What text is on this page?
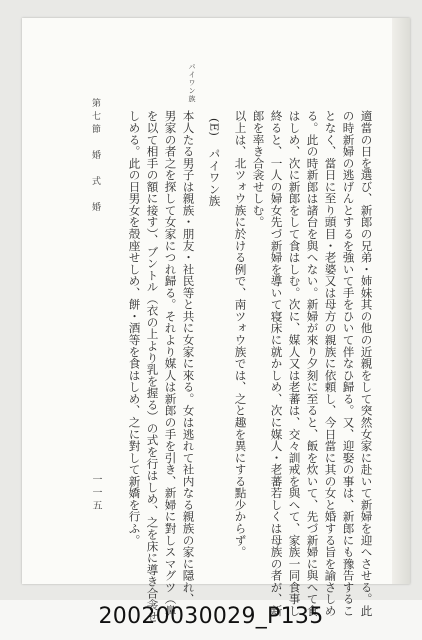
適當の日を選び、新郎の兄弟・姉妹其の他の近親をして突然女家に赴いて新婦を迎へさせる。此
の時新婦の逃げんとするを強いて手をひいて伴なひ歸る。又、迎娶の事は、新郎にも豫告するこ
となく、當日に至り頭目・老婆又は母方の親族に依頼し、今日當に其の女と婚する旨を諭さしめ
る。此の時新郎は諸台を與へない。新婦が來り夕刻に至ると、飯を炊いて、先づ新婦に與へて食
はしめ、次に新郎をして食はしむ。次に、媒人又は老蕃は、交々訓戒を與へて、家族一同食事し
終ると、一人の婦女先づ新婦を導いて寝床に就かしめ、次に媒人・老蕃若しくは母族の者が、新
郎を率き合衾せしむ。
以上は、北ツォウ族に於ける例で、南ツォウ族では、之と趣を異にする點少からず。
(E)　パイワン族
パイワン族
本人たる男子は親族・朋友・社民等と共に女家に來る。女は逃れて社内なる親族の家に隱れ、
男家の者之を探して女家につれ歸る。それより媒人は新郎の手を引き、新婦に對しスマグツ（鼻
を以て相手の額に接す）、ブントル（衣の上より乳を握る）の式を行はしめ、之を床に導き合衾せ
しめる。此の日男女を殻座せしめ、餅・酒等を食はしめ、之に對して新嬌を行ふ。
第七節　婚　式　婚
一一五
20020030029_P135
